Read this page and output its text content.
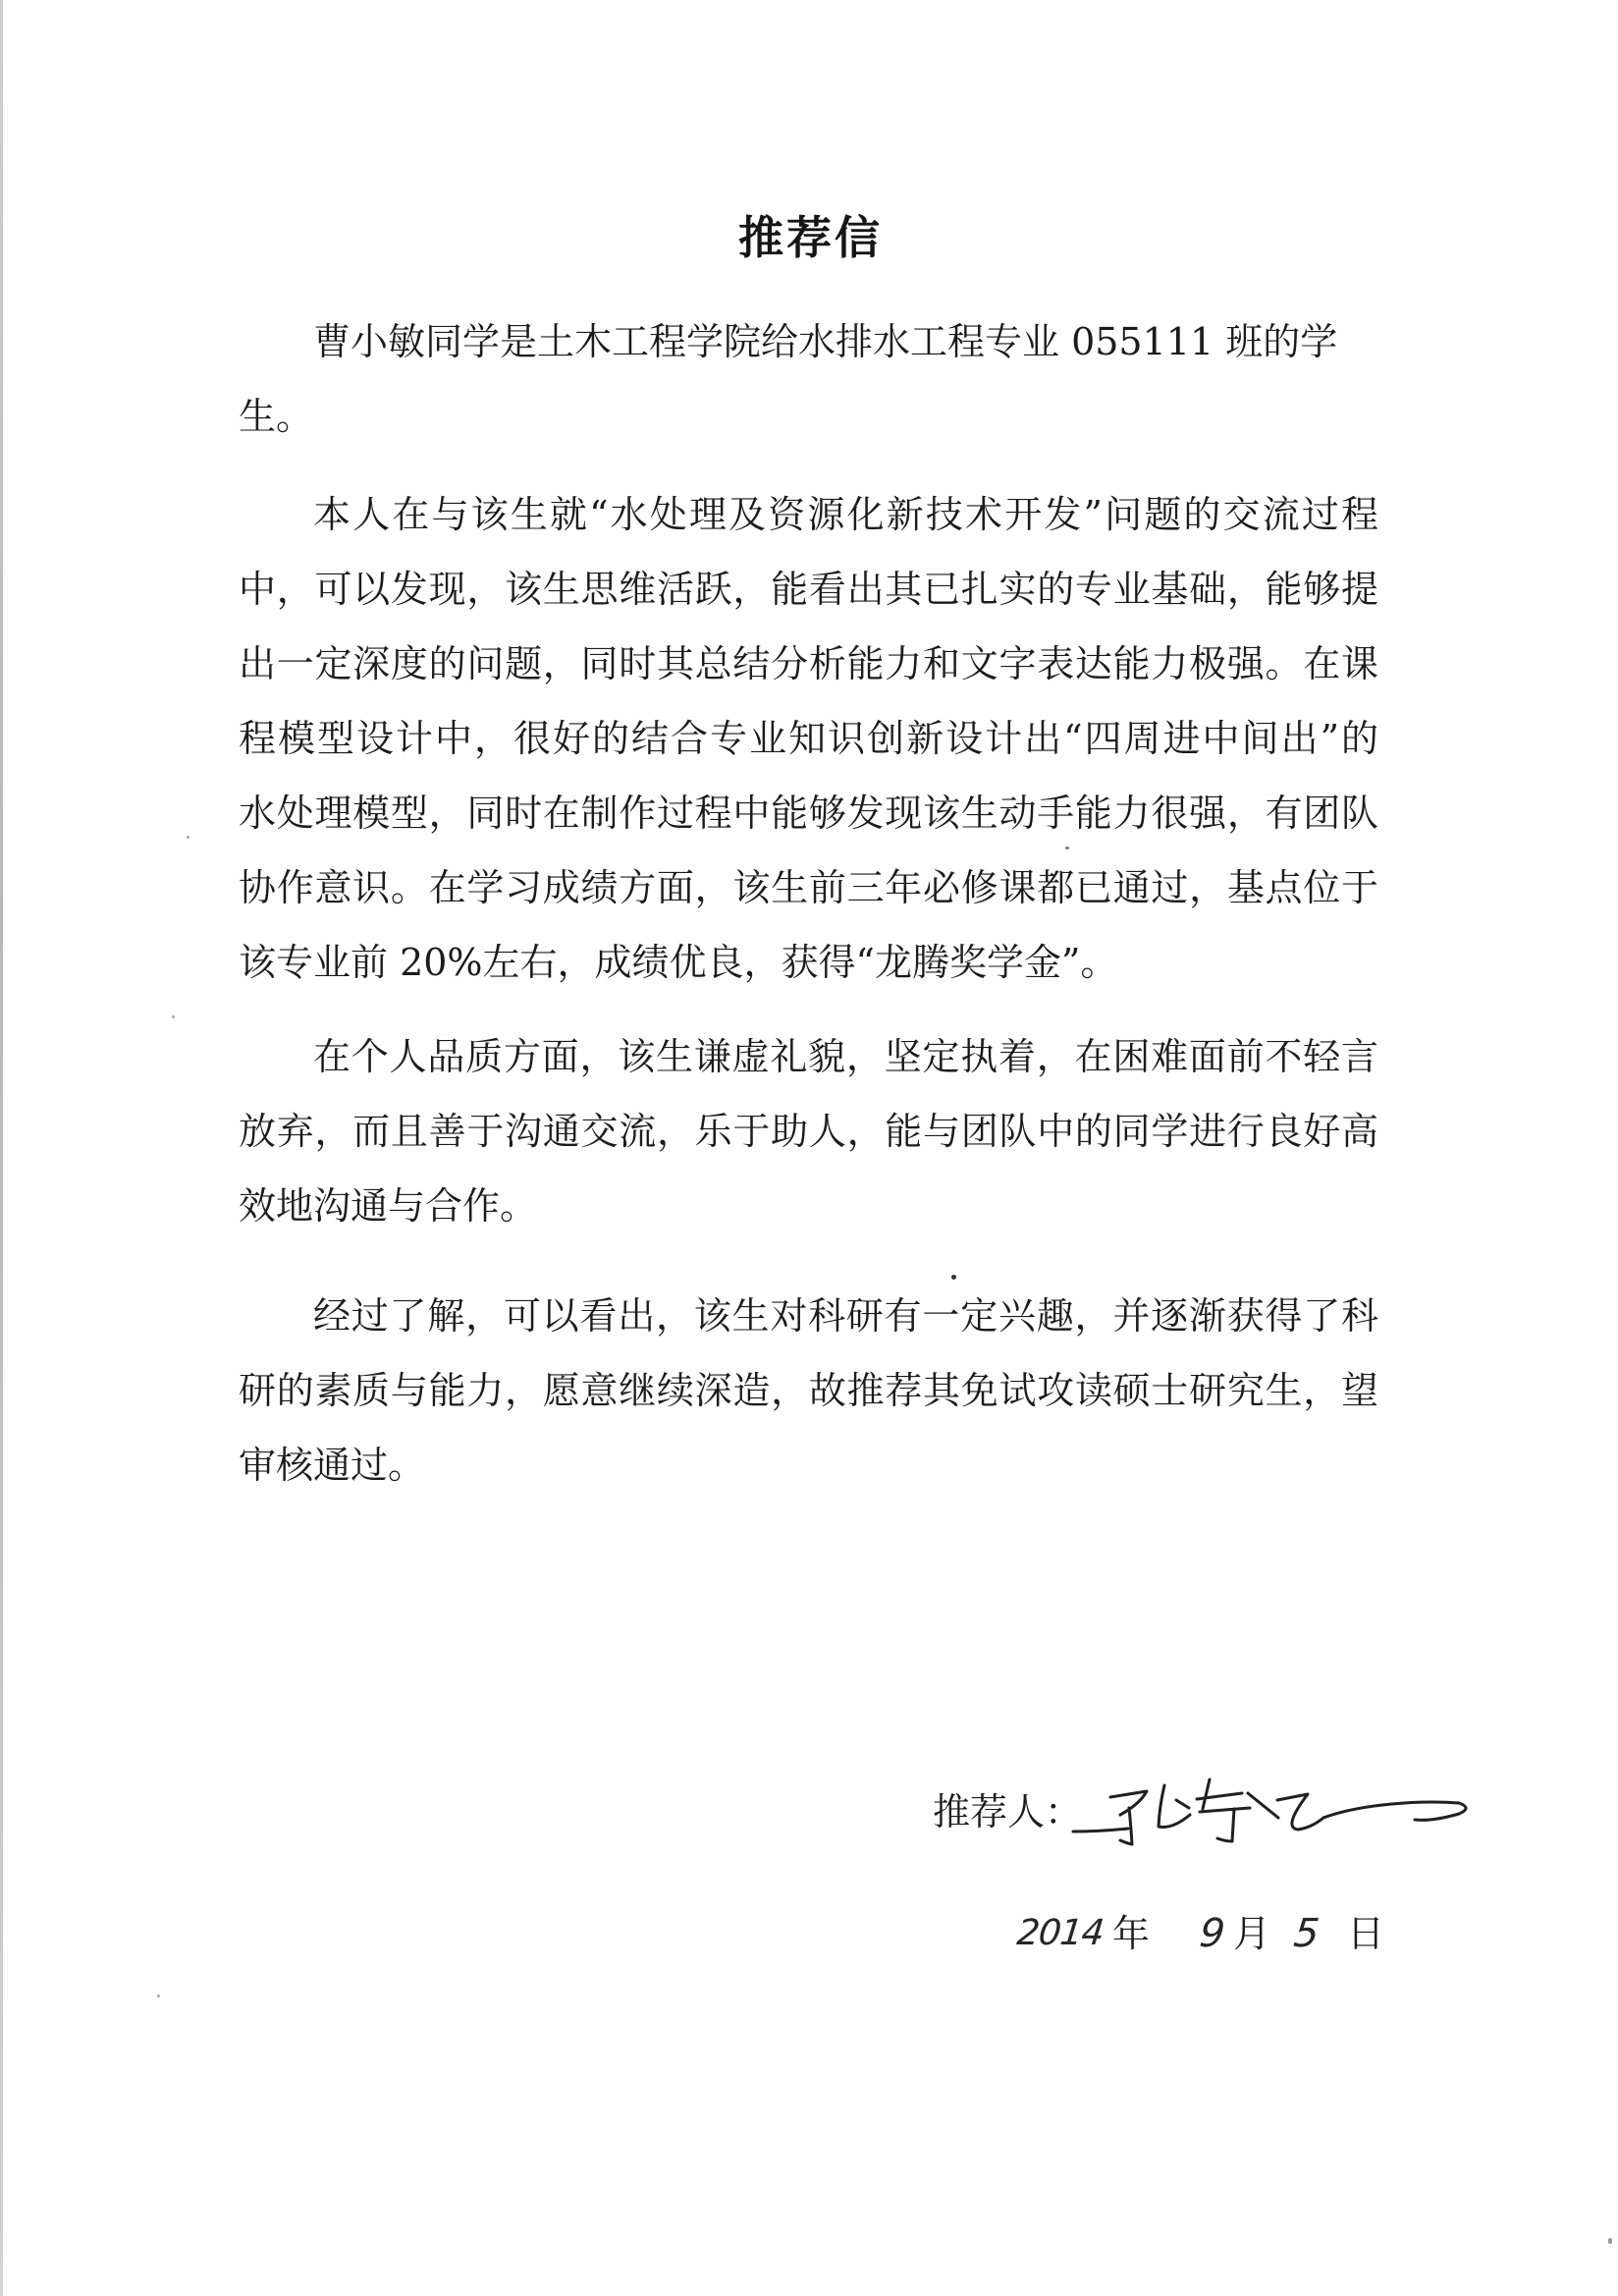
推荐信
曹小敏同学是土木工程学院给水排水工程专业 055111 班的学
生。
本人在与该生就“水处理及资源化新技术开发”问题的交流过程
中，可以发现，该生思维活跃，能看出其已扎实的专业基础，能够提
出一定深度的问题，同时其总结分析能力和文字表达能力极强。在课
程模型设计中，很好的结合专业知识创新设计出“四周进中间出”的
水处理模型，同时在制作过程中能够发现该生动手能力很强，有团队
协作意识。在学习成绩方面，该生前三年必修课都已通过，基点位于
该专业前 20%左右，成绩优良，获得“龙腾奖学金”。
在个人品质方面，该生谦虚礼貌，坚定执着，在困难面前不轻言
放弃，而且善于沟通交流，乐于助人，能与团队中的同学进行良好高
效地沟通与合作。
经过了解，可以看出，该生对科研有一定兴趣，并逐渐获得了科
研的素质与能力，愿意继续深造，故推荐其免试攻读硕士研究生，望
审核通过。
推荐人：
2014 年 9 月 5 日
